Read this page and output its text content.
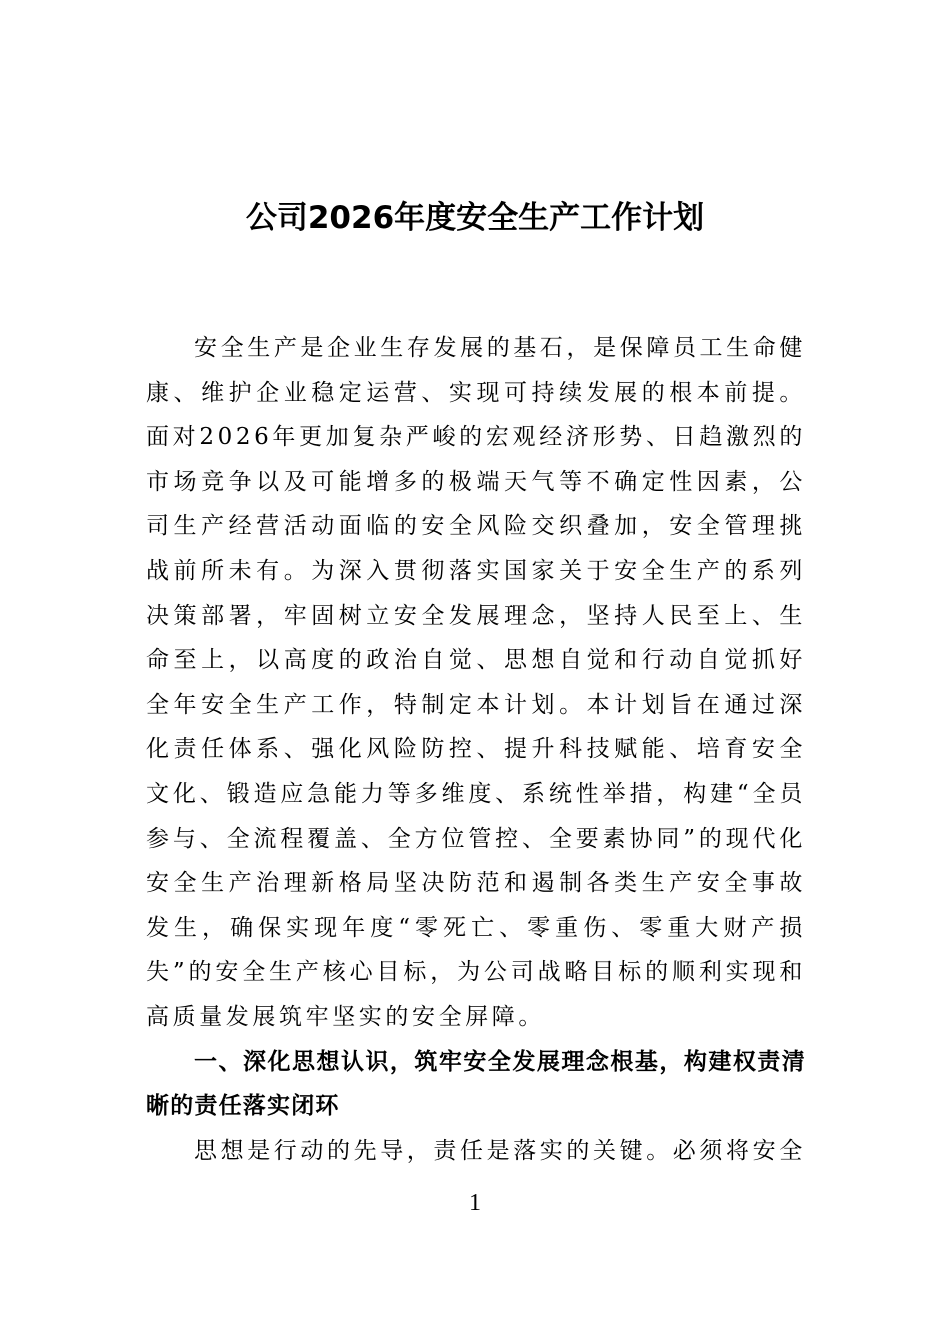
公司2026年度安全生产工作计划

安全生产是企业生存发展的基石，是保障员工生命健康、维护企业稳定运营、实现可持续发展的根本前提。面对2026年更加复杂严峻的宏观经济形势、日趋激烈的市场竞争以及可能增多的极端天气等不确定性因素，公司生产经营活动面临的安全风险交织叠加，安全管理挑战前所未有。为深入贯彻落实国家关于安全生产的系列决策部署，牢固树立安全发展理念，坚持人民至上、生命至上，以高度的政治自觉、思想自觉和行动自觉抓好全年安全生产工作，特制定本计划。本计划旨在通过深化责任体系、强化风险防控、提升科技赋能、培育安全文化、锻造应急能力等多维度、系统性举措，构建“全员参与、全流程覆盖、全方位管控、全要素协同”的现代化安全生产治理新格局坚决防范和遏制各类生产安全事故发生，确保实现年度“零死亡、零重伤、零重大财产损失”的安全生产核心目标，为公司战略目标的顺利实现和高质量发展筑牢坚实的安全屏障。

一、深化思想认识，筑牢安全发展理念根基，构建权责清晰的责任落实闭环

思想是行动的先导，责任是落实的关键。必须将安全

1
